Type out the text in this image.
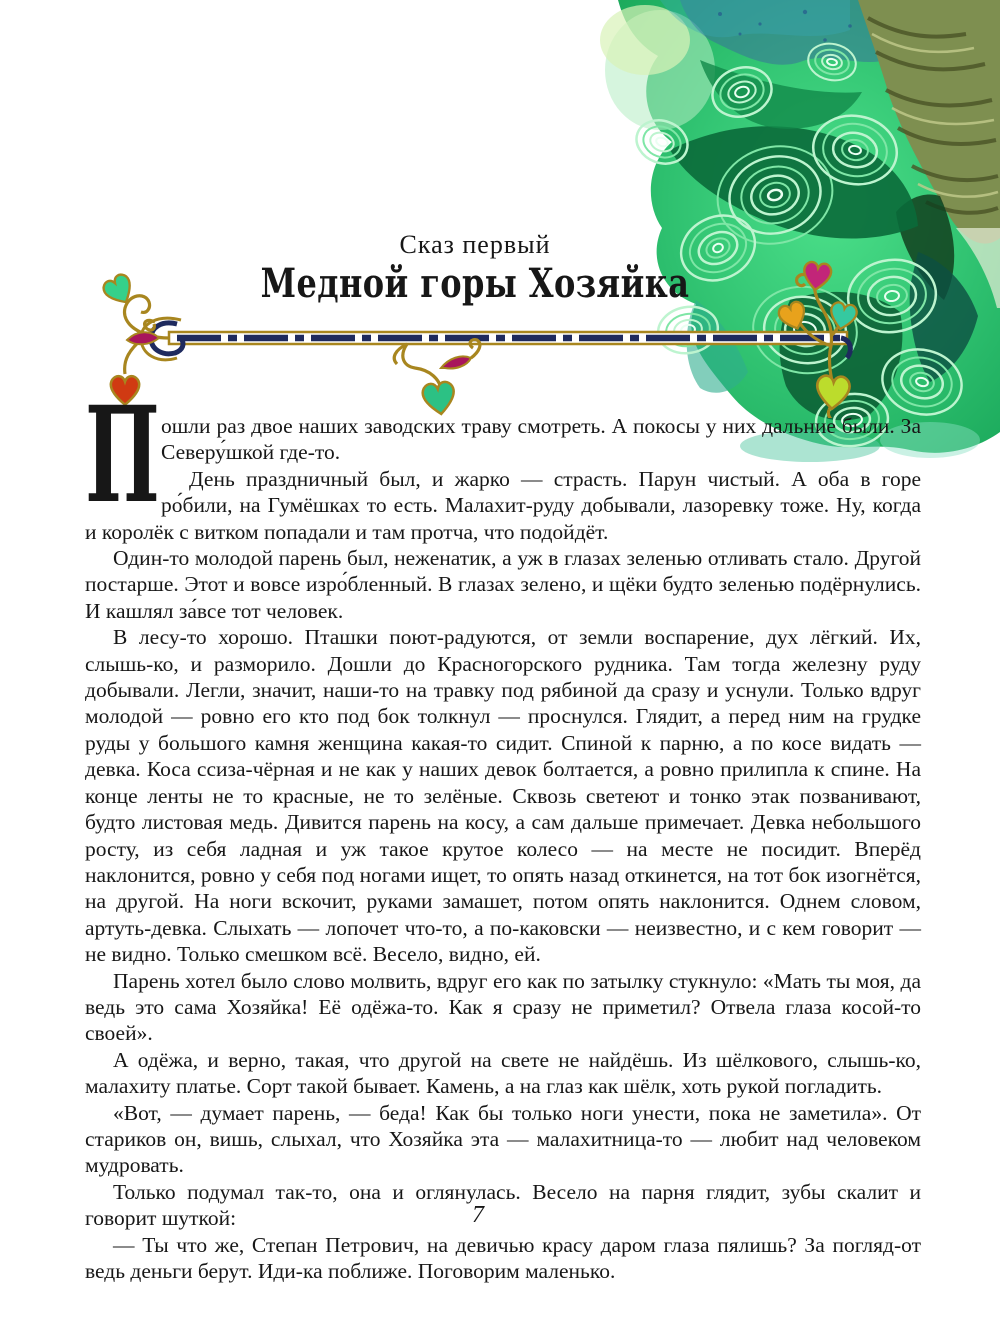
Сказ первый
Медной горы Хозяйка

П ошли раз двое наших заводских траву смотреть. А покосы у них дальние были. За Северу́шкой где-то.

День праздничный был, и жарко — страсть. Парун чистый. А оба в горе ро́били, на Гумёшках то есть. Малахит-руду добывали, лазоревку тоже. Ну, когда и королёк с витком попадали и там протча, что подойдёт.

Один-то молодой парень был, неженатик, а уж в глазах зеленью отливать стало. Другой постарше. Этот и вовсе изро́бленный. В глазах зелено, и щёки будто зеленью подёрнулись. И кашлял за́все тот человек.

В лесу-то хорошо. Пташки поют-радуются, от земли воспарение, дух лёгкий. Их, слышь-ко, и разморило. Дошли до Красногорского рудника. Там тогда железну руду добывали. Легли, значит, наши-то на травку под рябиной да сразу и уснули. Только вдруг молодой — ровно его кто под бок толкнул — проснулся. Глядит, а перед ним на грудке руды у большого камня женщина какая-то сидит. Спиной к парню, а по косе видать — девка. Коса ссиза-чёрная и не как у наших девок болтается, а ровно прилипла к спине. На конце ленты не то красные, не то зелёные. Сквозь светеют и тонко этак позванивают, будто листовая медь. Дивится парень на косу, а сам дальше примечает. Девка небольшого росту, из себя ладная и уж такое крутое колесо — на месте не посидит. Вперёд наклонится, ровно у себя под ногами ищет, то опять назад откинется, на тот бок изогнётся, на другой. На ноги вскочит, руками замашет, потом опять наклонится. Однем словом, артуть-девка. Слыхать — лопочет что-то, а по-каковски — неизвестно, и с кем говорит — не видно. Только смешком всё. Весело, видно, ей.

Парень хотел было слово молвить, вдруг его как по затылку стукнуло: «Мать ты моя, да ведь это сама Хозяйка! Её одёжа-то. Как я сразу не приметил? Отвела глаза косой-то своей».

А одёжа, и верно, такая, что другой на свете не найдёшь. Из шёлкового, слышь-ко, малахиту платье. Сорт такой бывает. Камень, а на глаз как шёлк, хоть рукой погладить.

«Вот, — думает парень, — беда! Как бы только ноги унести, пока не заметила». От стариков он, вишь, слыхал, что Хозяйка эта — малахитница-то — любит над человеком мудровать.

Только подумал так-то, она и оглянулась. Весело на парня глядит, зубы скалит и говорит шуткой:

— Ты что же, Степан Петрович, на девичью красу даром глаза пялишь? За погляд-от ведь деньги берут. Иди-ка поближе. Поговорим маленько.

7
